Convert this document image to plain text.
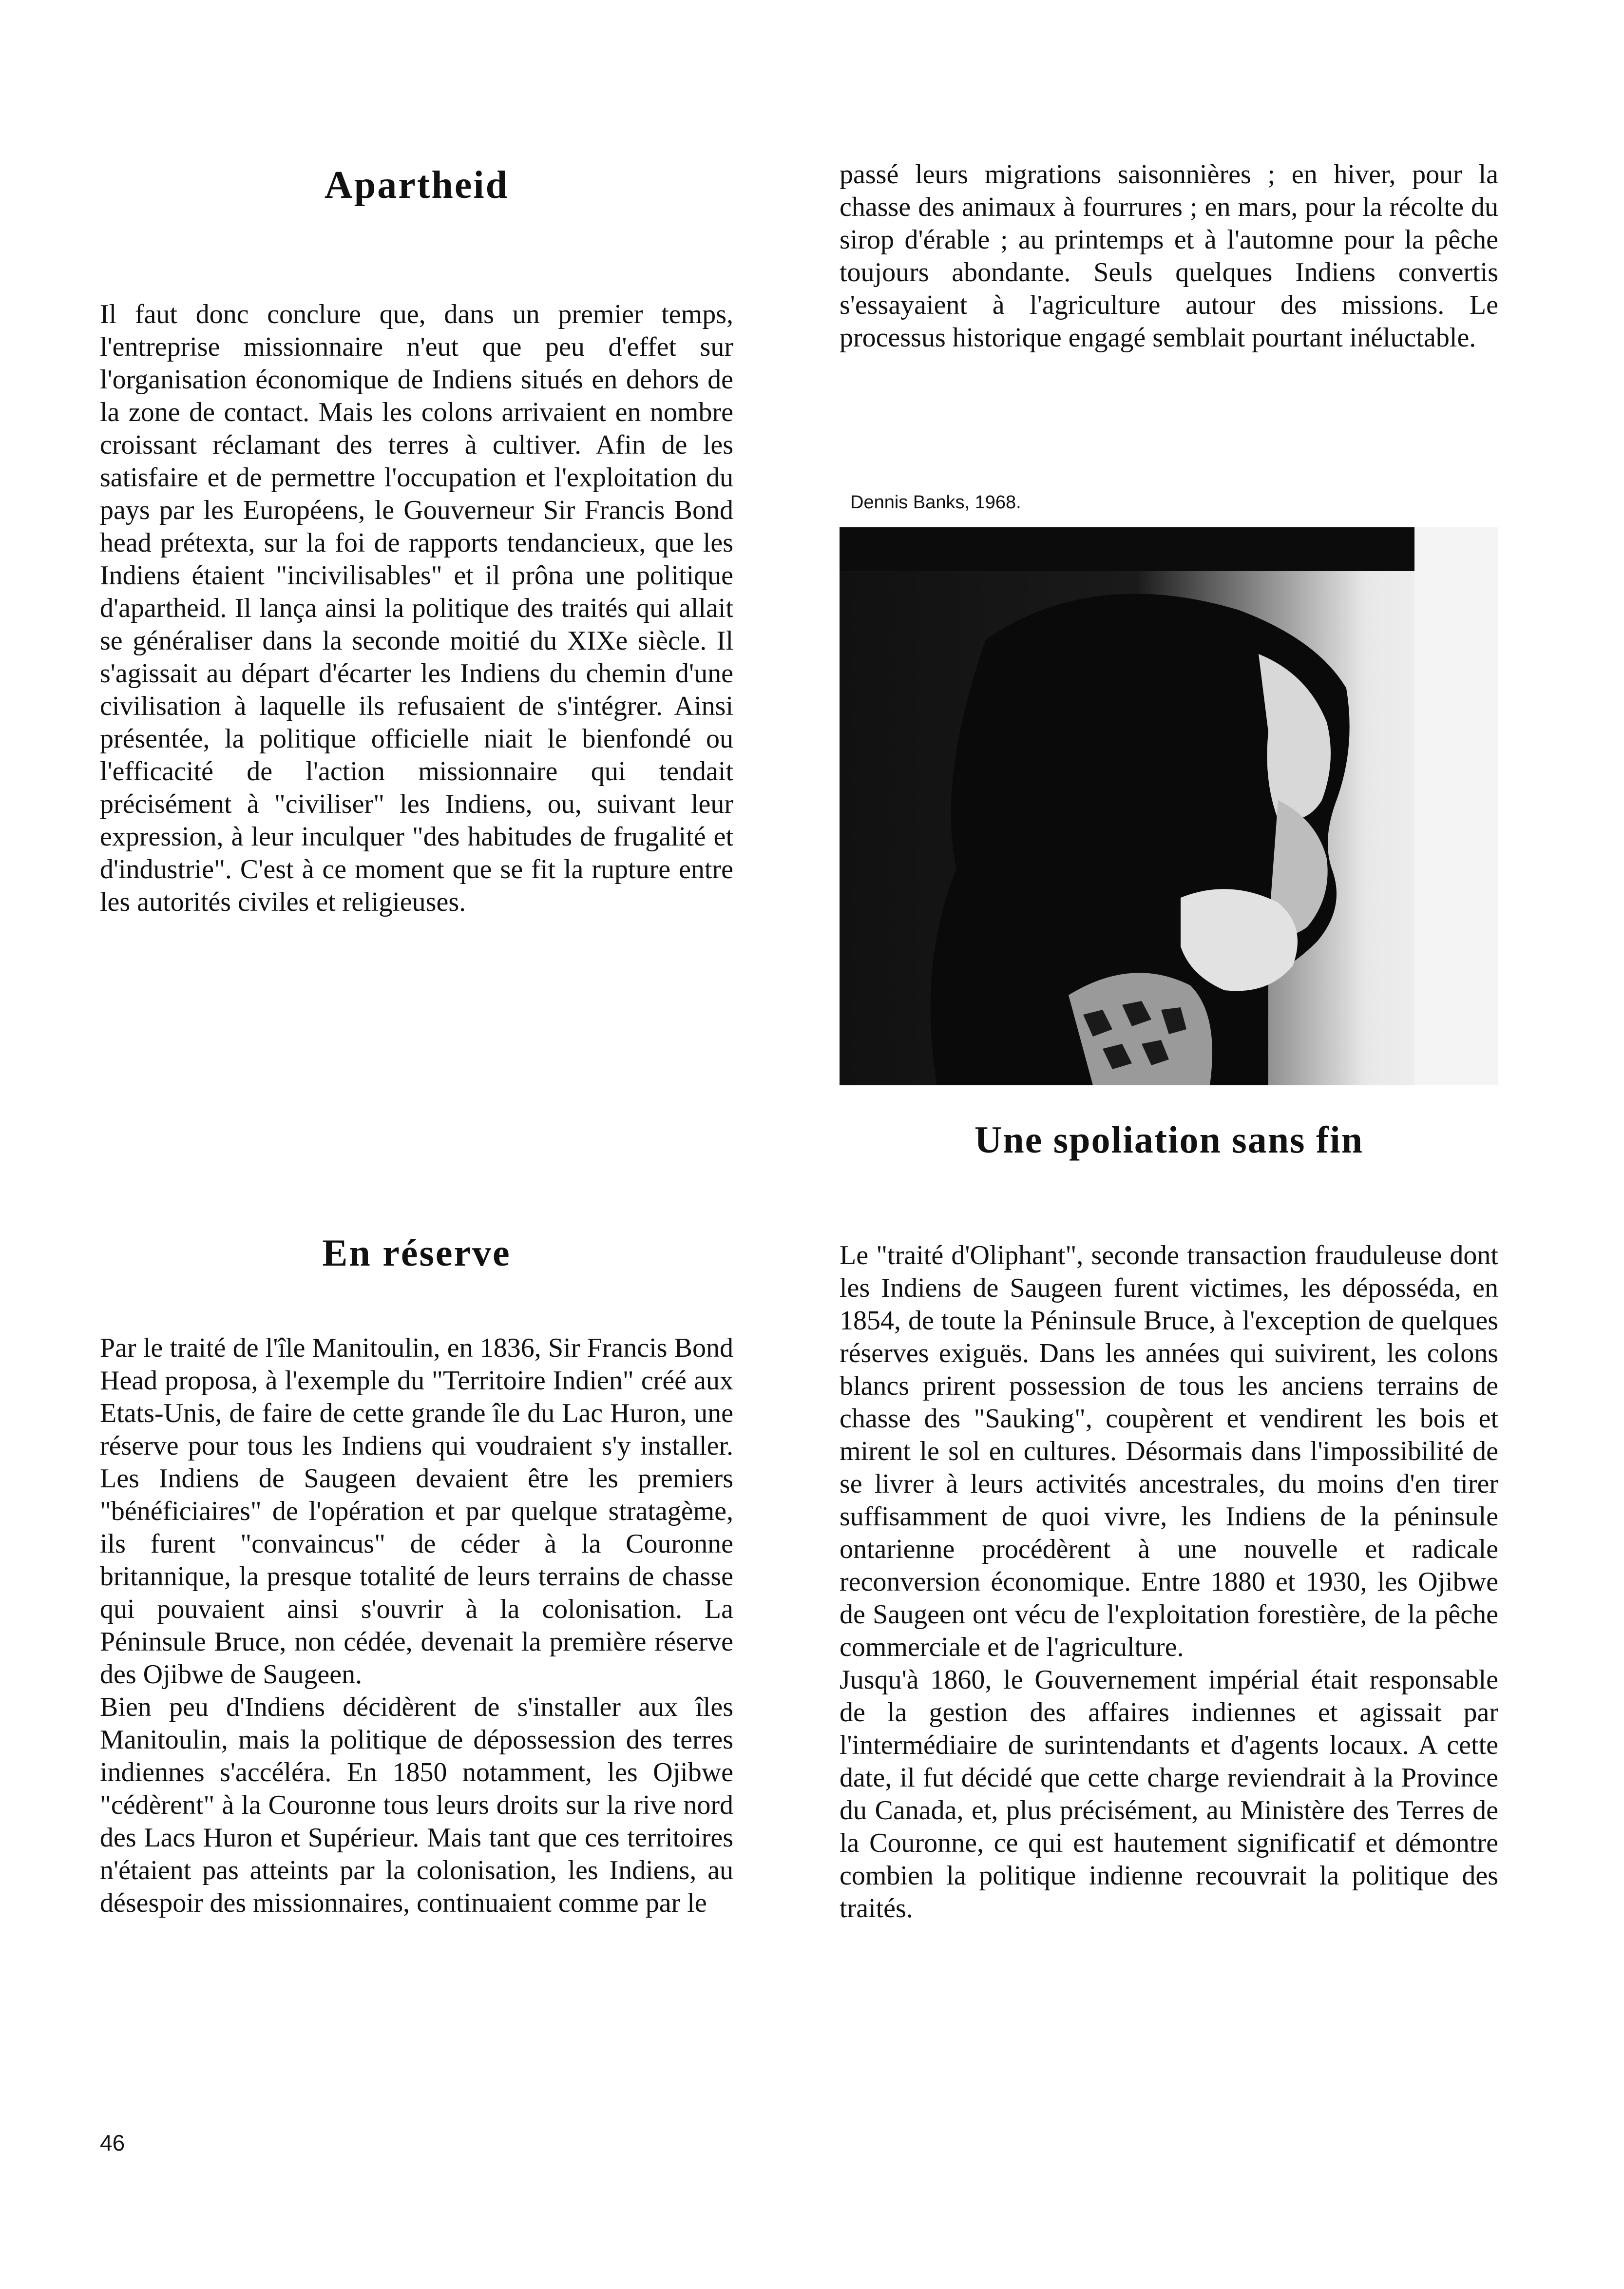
Apartheid

Il faut donc conclure que, dans un premier temps, l'entreprise missionnaire n'eut que peu d'effet sur l'organisation économique de Indiens situés en dehors de la zone de contact. Mais les colons arrivaient en nombre croissant réclamant des terres à cultiver. Afin de les satisfaire et de permettre l'occupation et l'exploitation du pays par les Européens, le Gouverneur Sir Francis Bond head prétexta, sur la foi de rapports tendancieux, que les Indiens étaient "incivilisables" et il prôna une politique d'apartheid. Il lança ainsi la politique des traités qui allait se généraliser dans la seconde moitié du XIXe siècle. Il s'agissait au départ d'écarter les Indiens du chemin d'une civilisation à laquelle ils refusaient de s'intégrer. Ainsi présentée, la politique officielle niait le bienfondé ou l'efficacité de l'action missionnaire qui tendait précisément à "civiliser" les Indiens, ou, suivant leur expression, à leur inculquer "des habitudes de frugalité et d'industrie". C'est à ce moment que se fit la rupture entre les autorités civiles et religieuses.

passé leurs migrations saisonnières ; en hiver, pour la chasse des animaux à fourrures ; en mars, pour la récolte du sirop d'érable ; au printemps et à l'automne pour la pêche toujours abondante. Seuls quelques Indiens convertis s'essayaient à l'agriculture autour des missions. Le processus historique engagé semblait pourtant inéluctable.

Dennis Banks, 1968.

Une spoliation sans fin

Le "traité d'Oliphant", seconde transaction frauduleuse dont les Indiens de Saugeen furent victimes, les déposséda, en 1854, de toute la Péninsule Bruce, à l'exception de quelques réserves exiguës. Dans les années qui suivirent, les colons blancs prirent possession de tous les anciens terrains de chasse des "Sauking", coupèrent et vendirent les bois et mirent le sol en cultures. Désormais dans l'impossibilité de se livrer à leurs activités ancestrales, du moins d'en tirer suffisamment de quoi vivre, les Indiens de la péninsule ontarienne procédèrent à une nouvelle et radicale reconversion économique. Entre 1880 et 1930, les Ojibwe de Saugeen ont vécu de l'exploitation forestière, de la pêche commerciale et de l'agriculture.

Jusqu'à 1860, le Gouvernement impérial était responsable de la gestion des affaires indiennes et agissait par l'intermédiaire de surintendants et d'agents locaux. A cette date, il fut décidé que cette charge reviendrait à la Province du Canada, et, plus précisément, au Ministère des Terres de la Couronne, ce qui est hautement significatif et démontre combien la politique indienne recouvrait la politique des traités.

En réserve

Par le traité de l'île Manitoulin, en 1836, Sir Francis Bond Head proposa, à l'exemple du "Territoire Indien" créé aux Etats-Unis, de faire de cette grande île du Lac Huron, une réserve pour tous les Indiens qui voudraient s'y installer. Les Indiens de Saugeen devaient être les premiers "bénéficiaires" de l'opération et par quelque stratagème, ils furent "convaincus" de céder à la Couronne britannique, la presque totalité de leurs terrains de chasse qui pouvaient ainsi s'ouvrir à la colonisation. La Péninsule Bruce, non cédée, devenait la première réserve des Ojibwe de Saugeen.

Bien peu d'Indiens décidèrent de s'installer aux îles Manitoulin, mais la politique de dépossession des terres indiennes s'accéléra. En 1850 notamment, les Ojibwe "cédèrent" à la Couronne tous leurs droits sur la rive nord des Lacs Huron et Supérieur. Mais tant que ces territoires n'étaient pas atteints par la colonisation, les Indiens, au désespoir des missionnaires, continuaient comme par le

46
